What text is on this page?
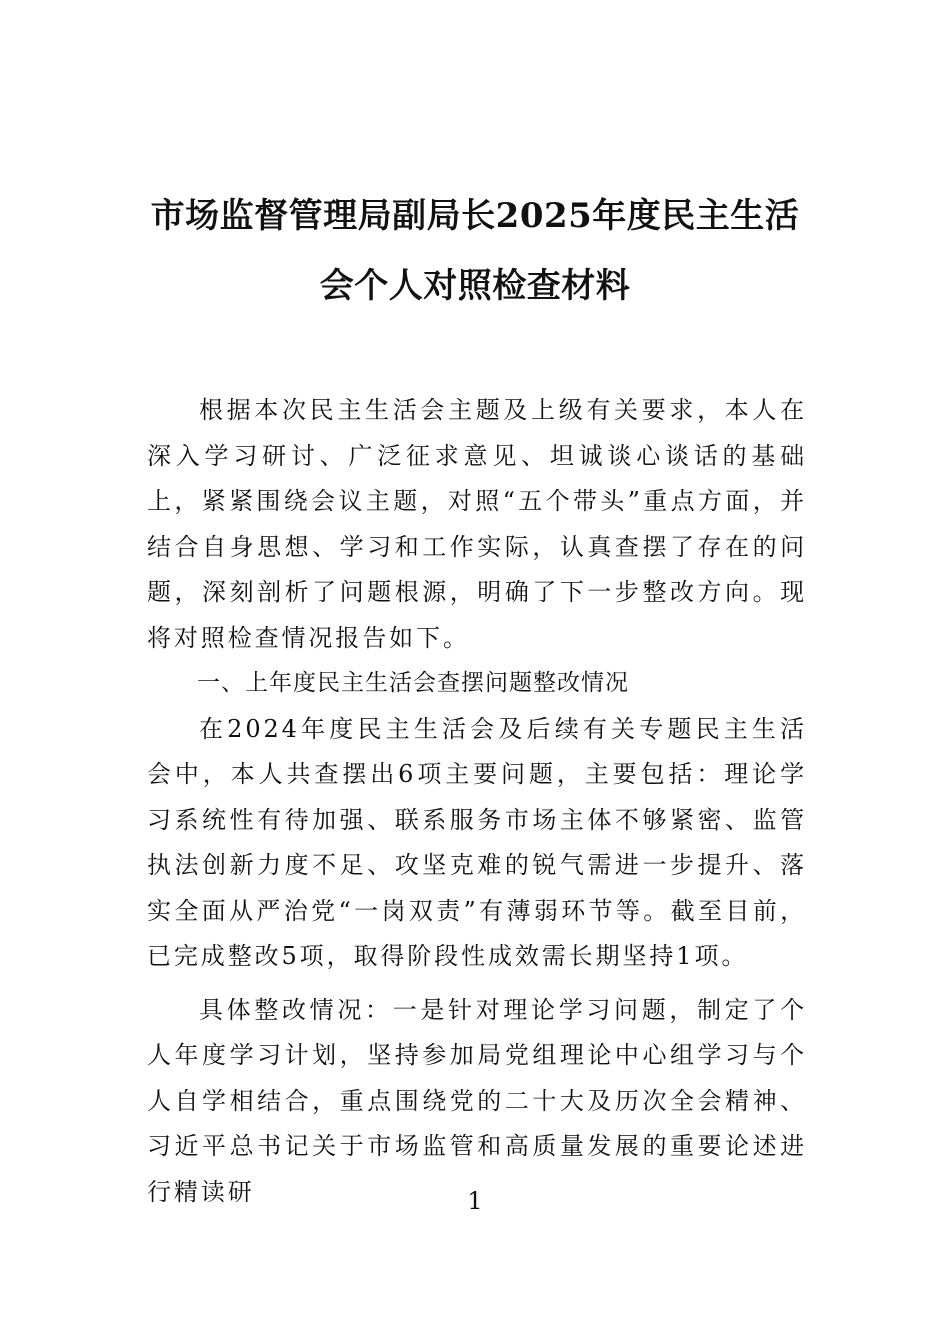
市场监督管理局副局长2025年度民主生活
会个人对照检查材料

根据本次民主生活会主题及上级有关要求，本人在深入学习研讨、广泛征求意见、坦诚谈心谈话的基础上，紧紧围绕会议主题，对照“五个带头”重点方面，并结合自身思想、学习和工作实际，认真查摆了存在的问题，深刻剖析了问题根源，明确了下一步整改方向。现将对照检查情况报告如下。

一、上年度民主生活会查摆问题整改情况

在2024年度民主生活会及后续有关专题民主生活会中，本人共查摆出6项主要问题，主要包括：理论学习系统性有待加强、联系服务市场主体不够紧密、监管执法创新力度不足、攻坚克难的锐气需进一步提升、落实全面从严治党“一岗双责”有薄弱环节等。截至目前，已完成整改5项，取得阶段性成效需长期坚持1项。

具体整改情况：一是针对理论学习问题，制定了个人年度学习计划，坚持参加局党组理论中心组学习与个人自学相结合，重点围绕党的二十大及历次全会精神、习近平总书记关于市场监管和高质量发展的重要论述进行精读研	1
